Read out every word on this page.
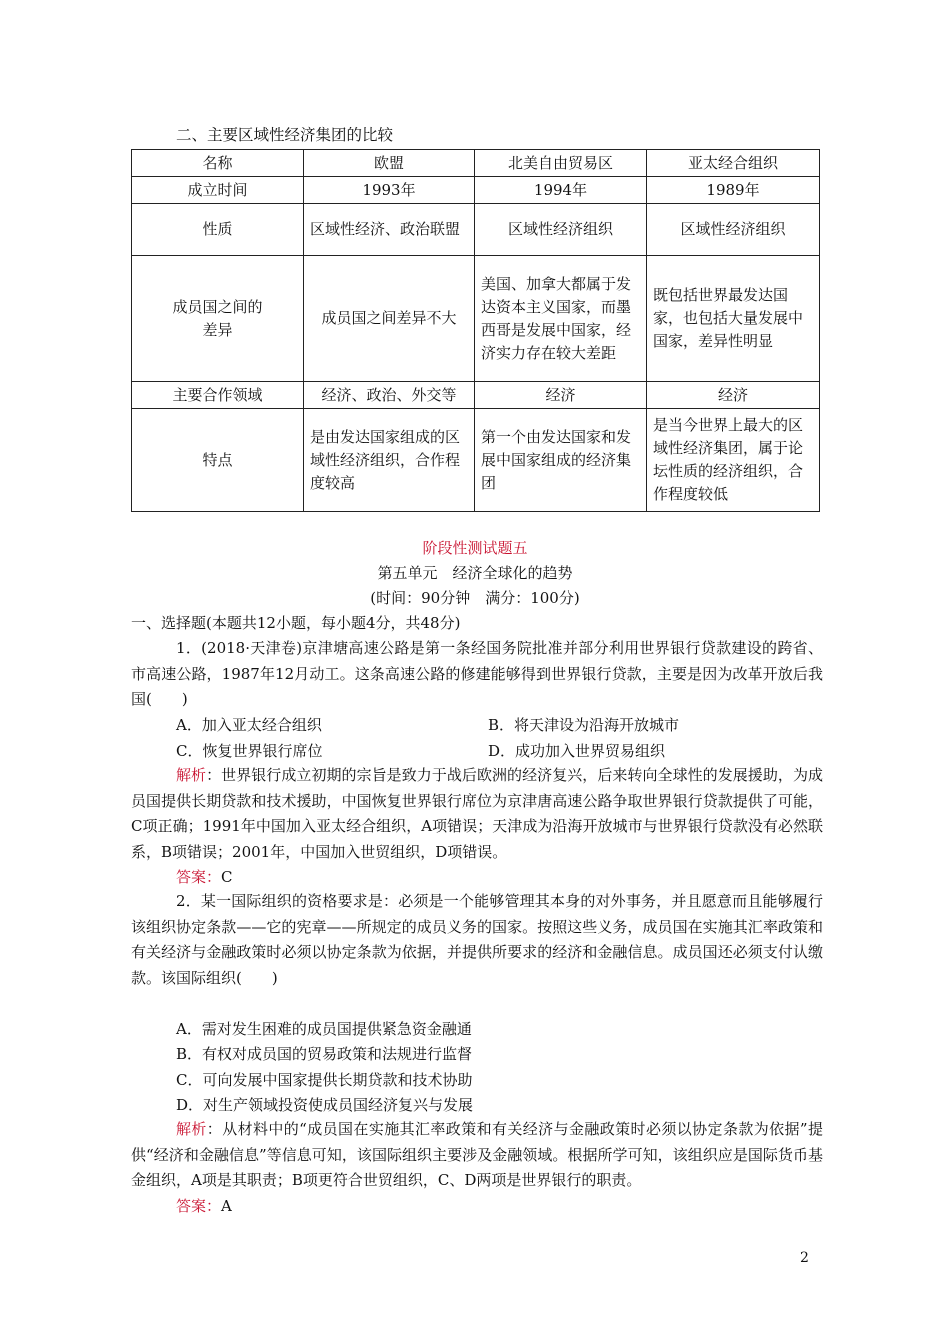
二、主要区域性经济集团的比较
名称	欧盟	北美自由贸易区	亚太经合组织
成立时间	1993年	1994年	1989年
性质	区域性经济、政治联盟	区域性经济组织	区域性经济组织
成员国之间的差异	成员国之间差异不大	美国、加拿大都属于发达资本主义国家，而墨西哥是发展中国家，经济实力存在较大差距	既包括世界最发达国家，也包括大量发展中国家，差异性明显
主要合作领域	经济、政治、外交等	经济	经济
特点	是由发达国家组成的区域性经济组织，合作程度较高	第一个由发达国家和发展中国家组成的经济集团	是当今世界上最大的区域性经济集团，属于论坛性质的经济组织，合作程度较低
阶段性测试题五
第五单元　经济全球化的趋势
(时间：90分钟　满分：100分)
一、选择题(本题共12小题，每小题4分，共48分)
1．(2018·天津卷)京津塘高速公路是第一条经国务院批准并部分利用世界银行贷款建设的跨省、市高速公路，1987年12月动工。这条高速公路的修建能够得到世界银行贷款，主要是因为改革开放后我国(　　)
A．加入亚太经合组织	B．将天津设为沿海开放城市
C．恢复世界银行席位	D．成功加入世界贸易组织
解析：世界银行成立初期的宗旨是致力于战后欧洲的经济复兴，后来转向全球性的发展援助，为成员国提供长期贷款和技术援助，中国恢复世界银行席位为京津唐高速公路争取世界银行贷款提供了可能，C项正确；1991年中国加入亚太经合组织，A项错误；天津成为沿海开放城市与世界银行贷款没有必然联系，B项错误；2001年，中国加入世贸组织，D项错误。
答案：C
2．某一国际组织的资格要求是：必须是一个能够管理其本身的对外事务，并且愿意而且能够履行该组织协定条款——它的宪章——所规定的成员义务的国家。按照这些义务，成员国在实施其汇率政策和有关经济与金融政策时必须以协定条款为依据，并提供所要求的经济和金融信息。成员国还必须支付认缴款。该国际组织(　　)
A．需对发生困难的成员国提供紧急资金融通
B．有权对成员国的贸易政策和法规进行监督
C．可向发展中国家提供长期贷款和技术协助
D．对生产领域投资使成员国经济复兴与发展
解析：从材料中的“成员国在实施其汇率政策和有关经济与金融政策时必须以协定条款为依据”提供“经济和金融信息”等信息可知，该国际组织主要涉及金融领域。根据所学可知，该组织应是国际货币基金组织，A项是其职责；B项更符合世贸组织，C、D两项是世界银行的职责。
答案：A
2
